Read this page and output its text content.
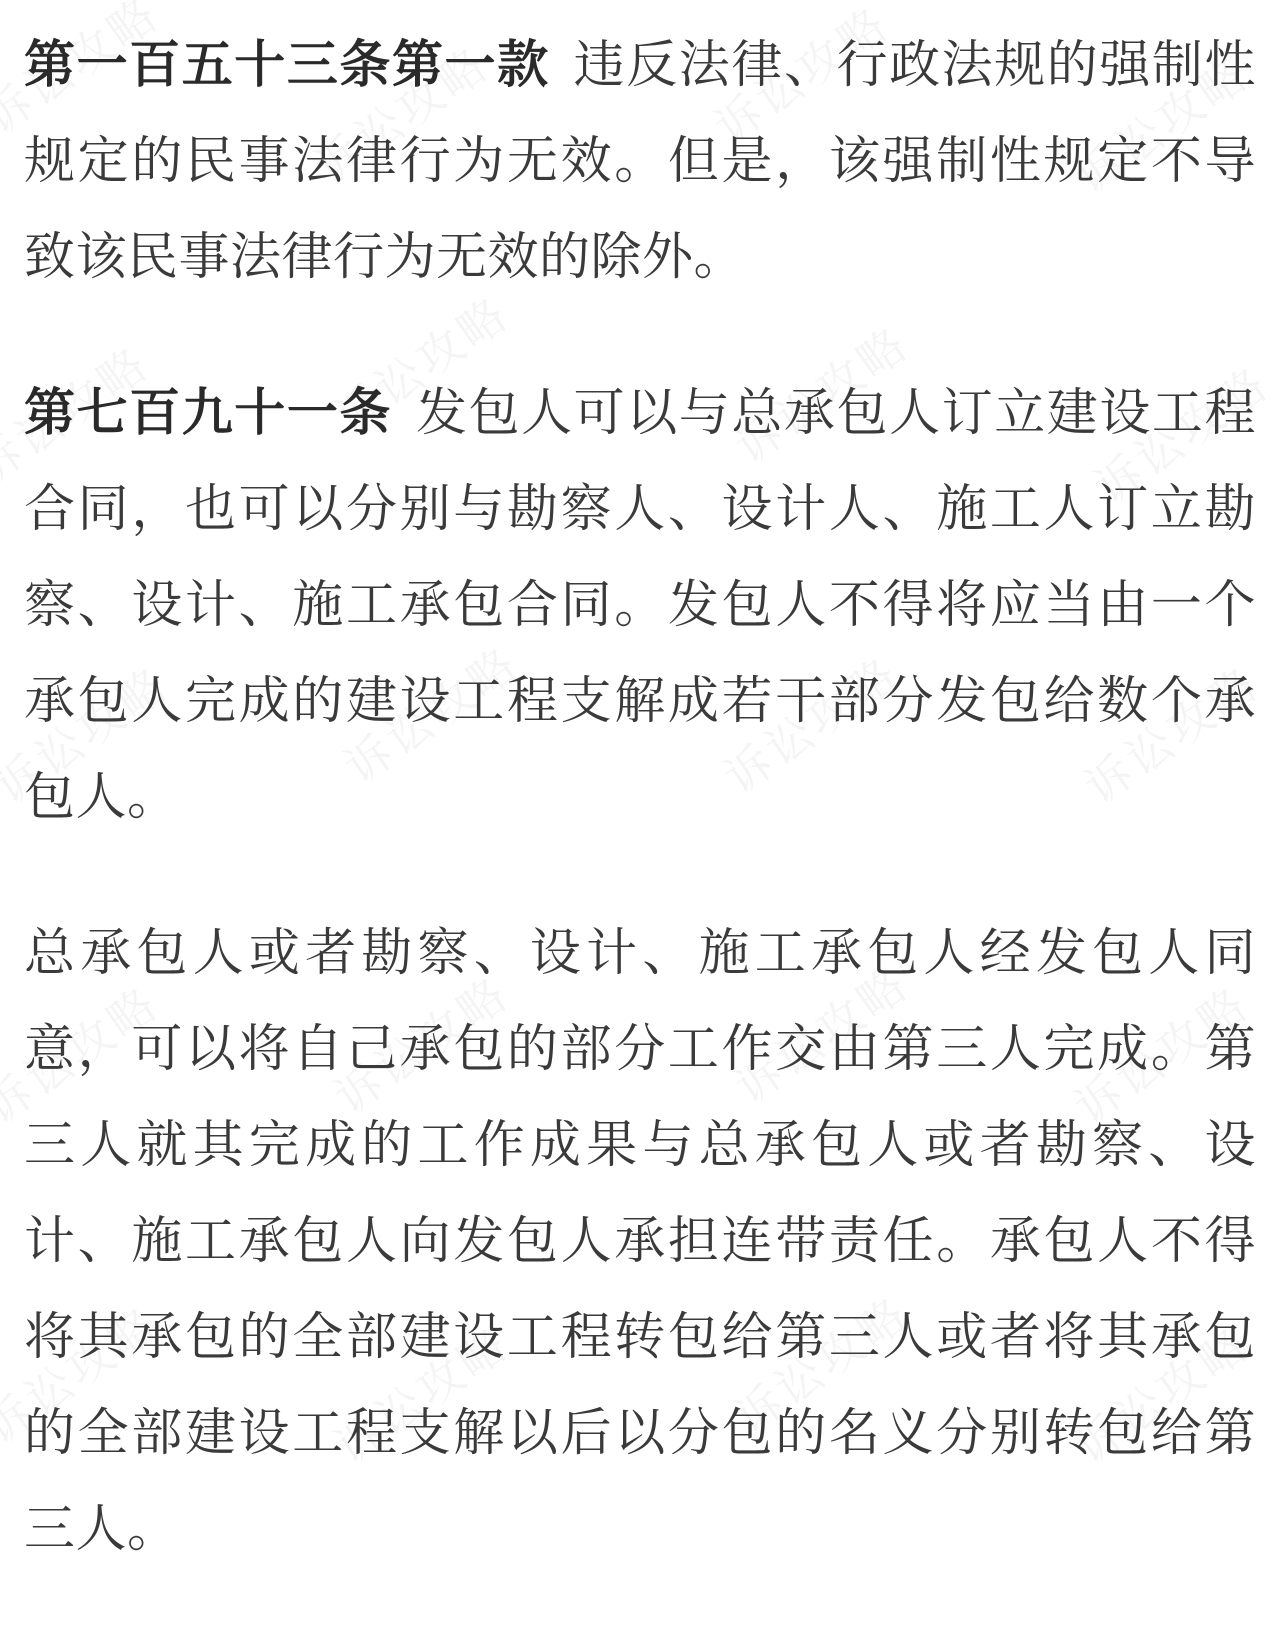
第一百五十三条第一款 违反法律、行政法规的强制性规定的民事法律行为无效。但是，该强制性规定不导致该民事法律行为无效的除外。

第七百九十一条 发包人可以与总承包人订立建设工程合同，也可以分别与勘察人、设计人、施工人订立勘察、设计、施工承包合同。发包人不得将应当由一个承包人完成的建设工程支解成若干部分发包给数个承包人。

总承包人或者勘察、设计、施工承包人经发包人同意，可以将自己承包的部分工作交由第三人完成。第三人就其完成的工作成果与总承包人或者勘察、设计、施工承包人向发包人承担连带责任。承包人不得将其承包的全部建设工程转包给第三人或者将其承包的全部建设工程支解以后以分包的名义分别转包给第三人。
